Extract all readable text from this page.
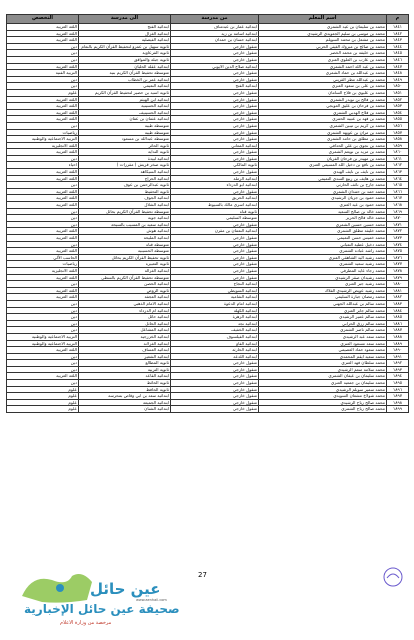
م	اسم المعلم	من مدرسة	الى مدرسة	التخصص
١٨٤١	محمد بن سليمان بن عيد الشمري	ابتدائية عمار بن عبدمناف	ابتدائية الفتح	اللغة العربية
١٨٤٢	محمد بن موسى بن سليم الجعويدي الرشيدي	ابتدائية اسامة بن زيد	ابتدائية الغزال	اللغة العربية
١٨٤٣	محمد بن مشعل بن محمد السويلم	ابتدائية حسان بن حمدان	ابتدائية الفيصلية	اللغة العربية
١٨٤٤	محمد بن صالح بن مبروك الغيثي الحربي	منقول خارجي	ثانوية سهيل بن عمرو لتحفيظ القرآن الكريم بالنعام	دين
١٨٤٥	محمد بن خليفة بن محمد الخضر	منقول خارجي	ثانوية الفرعاوية	دين
١٨٤٦	محمد بن عازب بن العلوي العنزي	منقول خارجي	ثانوية جبلة والمواقق	دين
١٨٤٧	محمد بن عبد الله احمد الشمري	ابتدائية صلاح الدين الايوبي	ابتدائية عقلة الحلبان	اللغة العربية
١٨٤٨	محمد بن عبدالله بن حماد الشمري	منقول خارجي	متوسطة تحفيظ القرآن الكريم بنية	التربية الفنية
١٨٤٩	محمد بن عبدالله مطر القريني	منقول خارجي	ابتدائية عمر بن الخطاب	دين
١٨٥٠	محمد بن على بن سعود العنزي	ابتدائية الفتح	ابتدائية النعيمي	دين
١٨٥١	محمد بن عليوي بن فلاح السامان	منقول خارجي	ثانوية اسيد بن حضير لتحفيظ القرآن الكريم	علوم
١٨٥٢	محمد بن فالح بن نويدر الشمري	منقول خارجي	ابتدائية ابن الهيثم	اللغة العربية
١٨٥٣	محمد بن فرحان بن عليق العويجي	منقول خارجي	ابتدائية الحسينية	اللغة العربية
١٨٥٤	محمد بن فلاح الهدبي الشمري	منقول خارجي	ابتدائية الحسينيف	اللغة العربية
١٨٥٥	محمد بن فهد بن عتيبه الحمري	منقول خارجي	ابتدائية عثمان بن عفان	اللغة العربية
١٨٥٦	محمد بن كريم بن تيبين الشمري	منقول خارجي	متوسطة طيبة	دين
١٨٥٧	محمد بن مران بن عويهة الشمري	منقول خارجي	متوسطة طيبة	رياضيات
١٨٥٨	محمد بن مطلق بن حامد الشمري	منقول خارجي	متوسطة عبدالله بن مسعود	التربية الاجتماعية والوطنية
١٨٥٩	محمد بن نجوى بن علي الحذافي	ابتدائية المعاني	ثانوية الحائر	اللغة الانجليزية
١٨٦٠	محمد بن مزيد بن نويعم الشمري	منقول خارجي	ثانوية النداية	اللغة العربية
١٨٦١	محمد بن مهيدر بن فرحان الفريان	منقول خارجي	ابتدائية لبيدة	دين
١٨٦٢	محمد بن نافع بن دخيل الله المسيعي العنزي	ثانوية المالكي	ثانوية صخر قريش ( مقررات )	احياء
١٨٦٣	محمد بن نايف بن نايف الهبدي	منقول خارجي	ابتدائية السيكاهة	اللغة العربية
١٨٦٤	محمد بن هايف بن ربيع السدي التميمي	ابتدائية الرملة	ابتدائية الحراج	اللغة العربية
١٨٦٥	محمد جارح بن نائف الحارثي	ابتدائية ابو الدرداء	ثانوية عبدالرحمن بن عوف	دين
١٨٦٦	محمد حمد بن حمدان الشمري	منقول خارجي	ثانوية التحفيظ	اللغة العربية
١٨٦٧	محمد حمود بن جزيان الرشيدي	ابتدائية الحريق	ابتدائية الجوف	اللغة العربية
١٨٦٨	محمد حمود بن عيد العنزي	ابتدائية اسرى مالك بالسيوط	ابتدائية الشلال	اللغة العربية
١٨٦٩	محمد خالد بن صالح السعيد	ثانوية قناه	متوسطة تحفيظ القرآن الكريم بحائل	دين
١٨٧٠	محمد خالد فالح الحرير	متوسطة السليمي	ابتدائية جوبة	دين
١٨٧١	محمد حسين حسين الشمري	منقول خارجي	ابتدائية سعيد بن المسيب بالسيحة	دين
١٨٧٢	محمد خليفة مطلق الشمري	ابتدائية النعمان بن مقرن	ابتدائية هوش	اللغة العربية
١٨٧٣	محمد خميس حسن التميمي	منقول خارجي	ابتدائية المليحة	اللغة العربية
١٨٧٤	محمد دخيل عطية التعباني	منقول خارجي	متوسطة قناه	دين
١٨٧٥	محمد راشد عباده الشمري	منقول خارجي	متوسطة الحسينية	اللغة العربية
١٨٧٦	محمد رشيد اليد الشاهقي العنزي	منقول خارجي	ثانوية تحفيظ القرآن الكريم بحائل	الحاسب الآلي
١٨٧٧	محمد رشيد سعيد الشمري	منقول خارجي	ثانوية التعبيره	رياضيات
١٨٧٨	محمد رجاء عايد المطرفي	منقول خارجي	ابتدائية الغزالة	اللغة الانجليزية
١٨٧٩	محمد رشيدان صقر الرشيدي	منقول خارجي	متوسطة تحفيظ القرآن الكريم بالسطى	اللغة العربية
١٨٨٠	محمد رشيد جبر العنزي	ابتدائية النجاح	ابتدائية الحصن	دين
١٨٨١	محمد رشيد عويض الرشيدي الفلاك	ابتدائية السويطي	ثانوية الروض	اللغة العربية
١٨٨٢	محمد رمضان جبارة السليمي	ابتدائية الشامية	ابتدائية العجفة	اللغة العربية
١٨٨٣	محمد سالم بن عبدالله الجهني	ابتدائية امام الدعوة	ابتدائية الامام الذهبي	دين
١٨٨٤	محمد سالم جابر العنزي	ابتدائية الكهلة	ابتدائية ام الدرداء	دين
١٨٨٥	محمد سالم عمير الرشيدي	ابتدائية الزهرة	ابتدائية حائل	دين
١٨٨٦	محمد سالم رزق الحرابي	ابتدائية نجد	ابتدائية الحائل	دين
١٨٨٧	محمد سالم ناصر الشمري	ابتدائية الخفيف	ابتدائية المشاعل	دين
١٨٨٨	محمد سعد عبد الرشيدي	ابتدائية الفيلسوف	ابتدائية الخزرجية	التربية الاجتماعية والوطنية
١٨٨٩	محمد سعد مسعود العنزي	ابتدائية الفاو	ابتدائية الغزلانه	التربية الاجتماعية والوطنية
١٨٩٠	محمد سعود حماد العصيمي	ابتدائية الحارثة	ابتدائية العساف	اللغة العربية
١٨٩١	محمد سعيد ايقم المحمدي	ابتدائية اللدعه	ابتدائية الشعير	دين
١٨٩٢	محمد سلطان فهد العنزي	منقول خارجي	ثانوية المطالع	دين
١٨٩٣	محمد سلامة منعم الرشيدي	منقول خارجي	ثانوية التربية	دين
١٨٩٤	محمد سليمان بن عيفان الشمري	منقول خارجي	ابتدائية القاعد	اللغة العربية
١٨٩٥	محمد سليمان بن جمعيه العنزي	منقول خارجي	ثانوية الحائط	دين
١٨٩٦	محمد سمير سويلم الرشيدي	منقول خارجي	ثانوية الحافظ	علوم
١٨٩٧	محمد شولاخ مشعان السويدي	منقول خارجي	ابتدائية سعد بن ابي وقاص بمحرسة	علوم
١٨٩٨	محمد صالح رباح الرشيدي	منقول خارجي	ابتدائية الجميعة	علوم
١٨٩٩	محمد صالح رباح الشمري	منقول خارجي	ابتدائية الشنان	علوم
27
عين حائل
www.aenhail.com
صحيفة عين حائل الإخبارية
مرخصة من وزارة الاعلام
